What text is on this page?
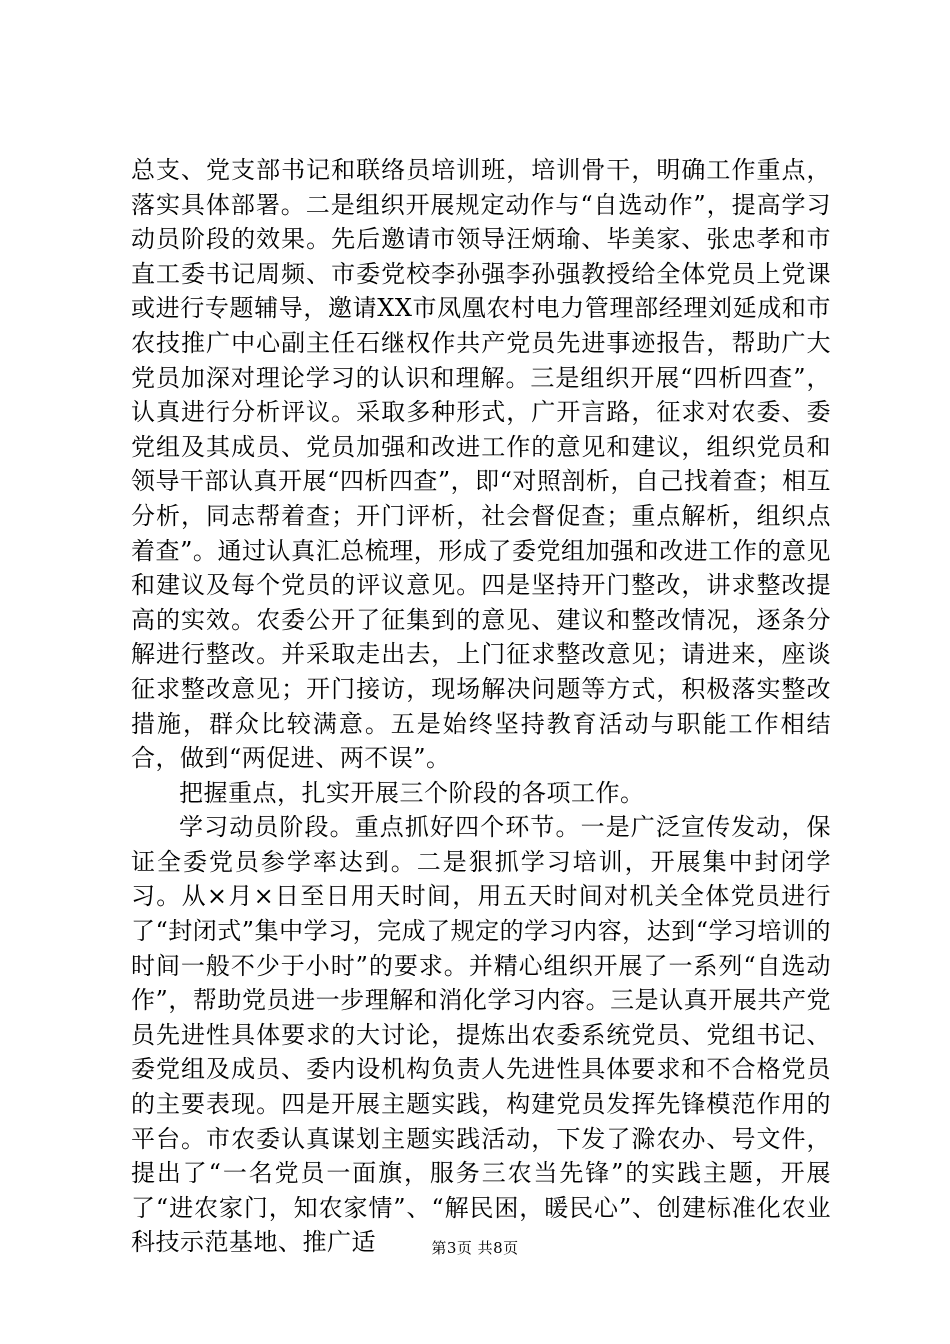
总支、党支部书记和联络员培训班，培训骨干，明确工作重点，落实具体部署。二是组织开展规定动作与“自选动作”，提高学习动员阶段的效果。先后邀请市领导汪炳瑜、毕美家、张忠孝和市直工委书记周频、市委党校李孙强李孙强教授给全体党员上党课或进行专题辅导，邀请XX市凤凰农村电力管理部经理刘延成和市农技推广中心副主任石继权作共产党员先进事迹报告，帮助广大党员加深对理论学习的认识和理解。三是组织开展“四析四查”，认真进行分析评议。采取多种形式，广开言路，征求对农委、委党组及其成员、党员加强和改进工作的意见和建议，组织党员和领导干部认真开展“四析四查”，即“对照剖析，自己找着查；相互分析，同志帮着查；开门评析，社会督促查；重点解析，组织点着查”。通过认真汇总梳理，形成了委党组加强和改进工作的意见和建议及每个党员的评议意见。四是坚持开门整改，讲求整改提高的实效。农委公开了征集到的意见、建议和整改情况，逐条分解进行整改。并采取走出去，上门征求整改意见；请进来，座谈征求整改意见；开门接访，现场解决问题等方式，积极落实整改措施，群众比较满意。五是始终坚持教育活动与职能工作相结合，做到“两促进、两不误”。

把握重点，扎实开展三个阶段的各项工作。

学习动员阶段。重点抓好四个环节。一是广泛宣传发动，保证全委党员参学率达到。二是狠抓学习培训，开展集中封闭学习。从×月×日至日用天时间，用五天时间对机关全体党员进行了“封闭式”集中学习，完成了规定的学习内容，达到“学习培训的时间一般不少于小时”的要求。并精心组织开展了一系列“自选动作”，帮助党员进一步理解和消化学习内容。三是认真开展共产党员先进性具体要求的大讨论，提炼出农委系统党员、党组书记、委党组及成员、委内设机构负责人先进性具体要求和不合格党员的主要表现。四是开展主题实践，构建党员发挥先锋模范作用的平台。市农委认真谋划主题实践活动，下发了滁农办、号文件，提出了“一名党员一面旗，服务三农当先锋”的实践主题，开展了“进农家门，知农家情”、“解民困，暖民心”、创建标准化农业科技示范基地、推广适	第3页 共8页
